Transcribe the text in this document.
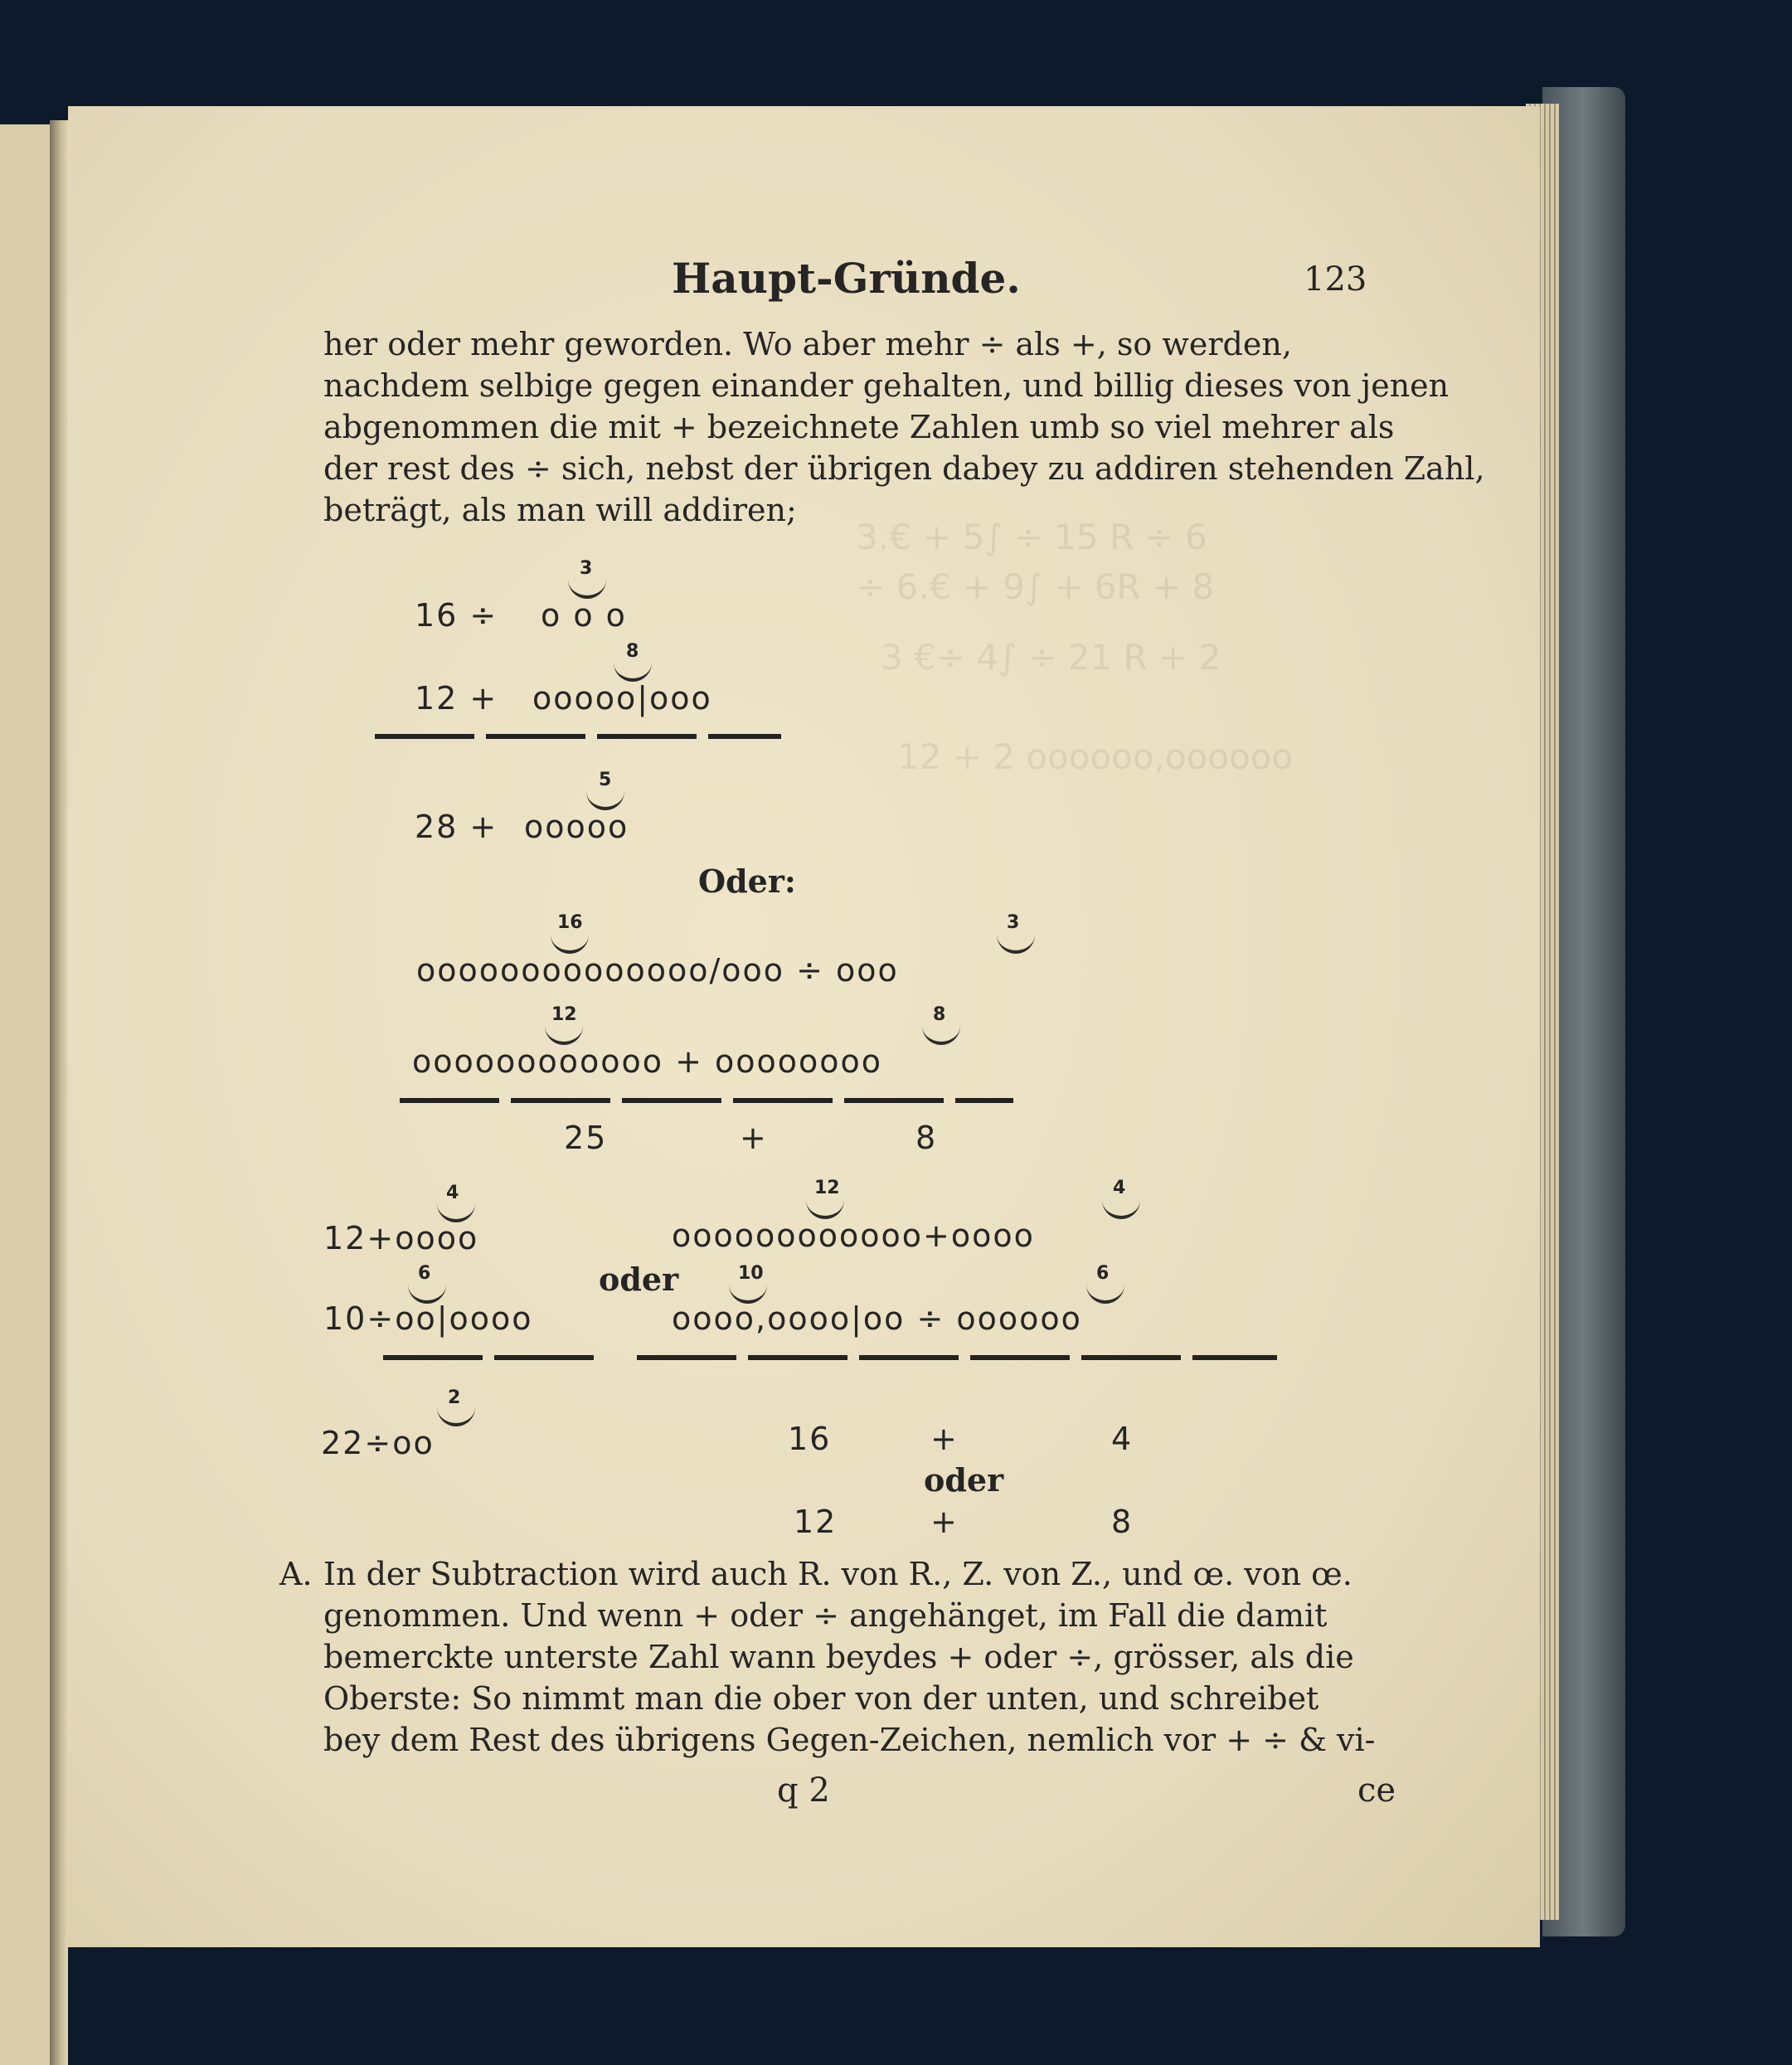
3.€ + 5∫ ÷ 15 R ÷ 6
÷ 6.€ + 9∫ + 6R + 8
3 €÷ 4∫ ÷ 21 R + 2
12 + 2 oooooo,oooooo
Haupt-Gründe.	123
her oder mehr geworden. Wo aber mehr ÷ als +, so werden,
nachdem selbige gegen einander gehalten, und billig dieses von jenen
abgenommen die mit + bezeichnete Zahlen umb so viel mehrer als
der rest des ÷ sich, nebst der übrigen dabey zu addiren stehenden Zahl,
beträgt, als man will addiren;
3
16 ÷ o o o
8
12 + ooooo|ooo
5
28 + ooooo
Oder:
16	3
oooooooooooooo/ooo ÷ ooo
12	8
oooooooooooo + oooooooo
25	+	8
4
12+oooo
6
10÷oo|oooo
2
22÷oo
oder
12	4
oooooooooooo+oooo
10	6
oooo,oooo|oo ÷ oooooo
16	+	4
oder
12	+	8
A. In der Subtraction wird auch R. von R., Z. von Z., und œ. von œ.
genommen. Und wenn + oder ÷ angehänget, im Fall die damit
bemerckte unterste Zahl wann beydes + oder ÷, grösser, als die
Oberste: So nimmt man die ober von der unten, und schreibet
bey dem Rest des übrigens Gegen-Zeichen, nemlich vor + ÷ & vi-
q 2	ce
